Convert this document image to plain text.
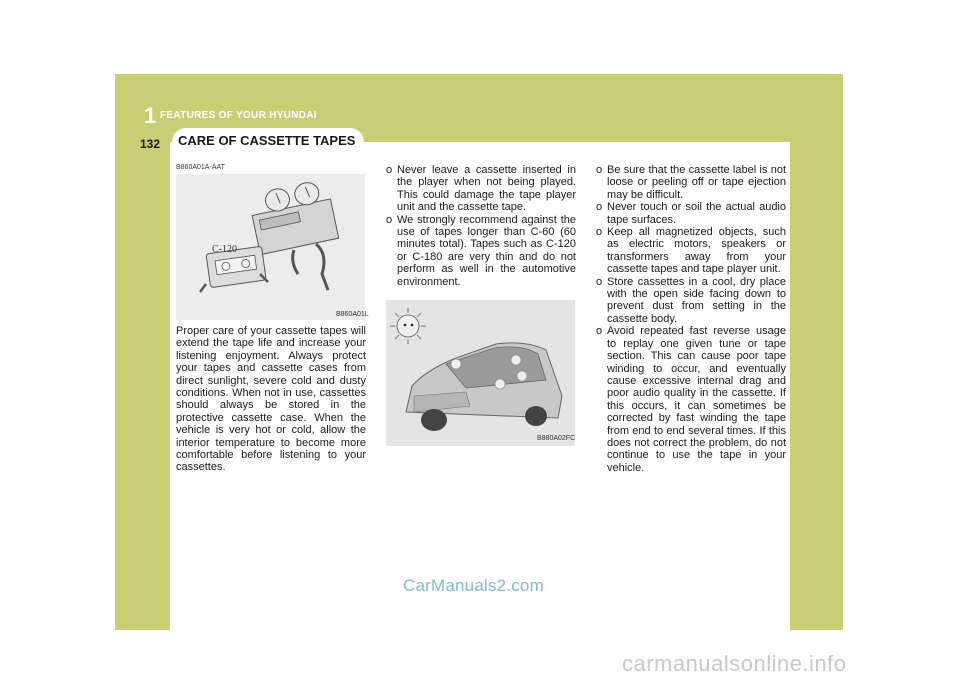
1 FEATURES OF YOUR HYUNDAI
132 CARE OF CASSETTE TAPES
B860A01A-AAT
C-120
B860A01L

Proper care of your cassette tapes will extend the tape life and increase your listening enjoyment. Always protect your tapes and cassette cases from direct sunlight, severe cold and dusty conditions. When not in use, cassettes should always be stored in the protective cassette case. When the vehicle is very hot or cold, allow the interior temperature to become more comfortable before listening to your cassettes.

o Never leave a cassette inserted in the player when not being played. This could damage the tape player unit and the cassette tape.

o We strongly recommend against the use of tapes longer than C-60 (60 minutes total). Tapes such as C-120 or C-180 are very thin and do not perform as well in the automotive environment.

B880A02FC

o Be sure that the cassette label is not loose or peeling off or tape ejection may be difficult.

o Never touch or soil the actual audio tape surfaces.

o Keep all magnetized objects, such as electric motors, speakers or transformers away from your cassette tapes and tape player unit.

o Store cassettes in a cool, dry place with the open side facing down to prevent dust from setting in the cassette body.

o Avoid repeated fast reverse usage to replay one given tune or tape section. This can cause poor tape winding to occur, and eventually cause excessive internal drag and poor audio quality in the cassette. If this occurs, it can sometimes be corrected by fast winding the tape from end to end several times. If this does not correct the problem, do not continue to use the tape in your vehicle.

CarManuals2.com
carmanualsonline.info
